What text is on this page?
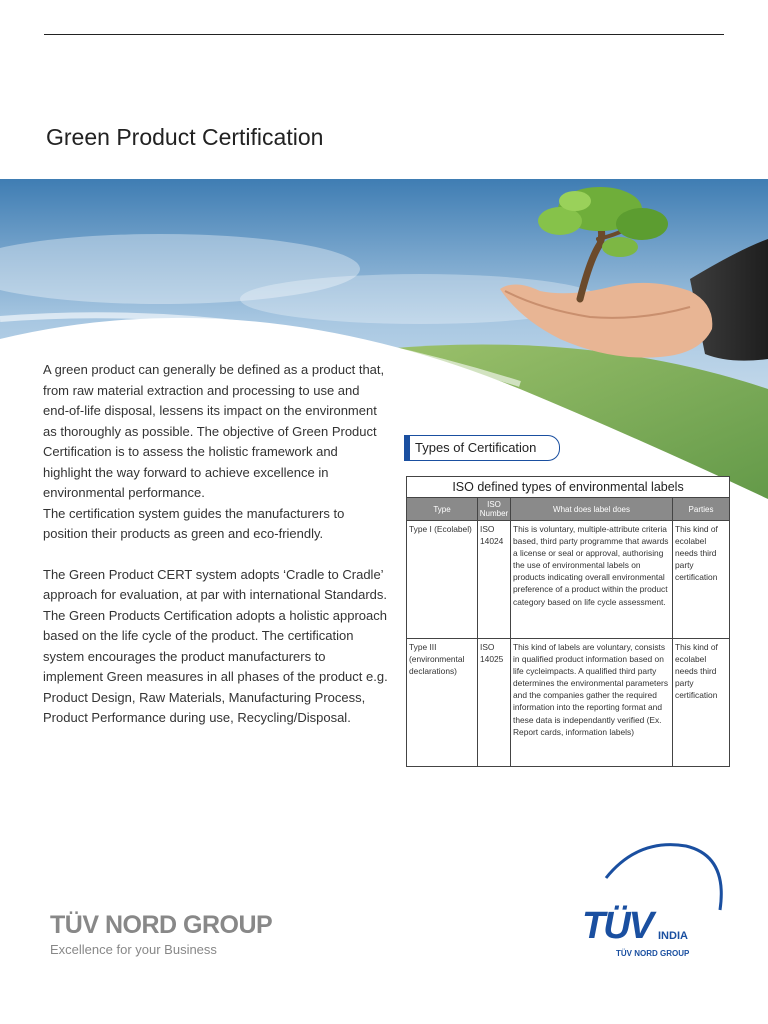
Green Product Certification

A green product can generally be defined as a product that, from raw material extraction and processing to use and end-of-life disposal, lessens its impact on the environment as thoroughly as possible. The objective of Green Product Certification is to assess the holistic framework and highlight the way forward to achieve excellence in environmental performance.

The certification system guides the manufacturers to position their products as green and eco-friendly.

The Green Product CERT system adopts ‘Cradle to Cradle’ approach for evaluation, at par with international Standards. The Green Products Certification adopts a holistic approach based on the life cycle of the product. The certification system encourages the product manufacturers to implement Green measures in all phases of the product e.g. Product Design, Raw Materials, Manufacturing Process, Product Performance during use, Recycling/Disposal.

Types of Certification
ISO defined types of environmental labels			
Type	ISO Number	What does label does	Parties
Type I (Ecolabel)	ISO 14024	This is voluntary, multiple-attribute criteria based, third party programme that awards a license or seal or approval, authorising the use of environmental labels on products indicating overall environmental preference of a product within the product category based on life cycle assessment.	This kind of ecolabel needs third party certification
Type III (environmental declarations)	ISO 14025	This kind of labels are voluntary, consists in qualified product information based on life cycleimpacts. A qualified third party determines the environmental parameters and the companies gather the required information into the reporting format and these data is independantly verified (Ex. Report cards, information labels)	This kind of ecolabel needs third party certification
TÜV NORD GROUP
Excellence for your Business
TÜV INDIA
TÜV NORD GROUP
